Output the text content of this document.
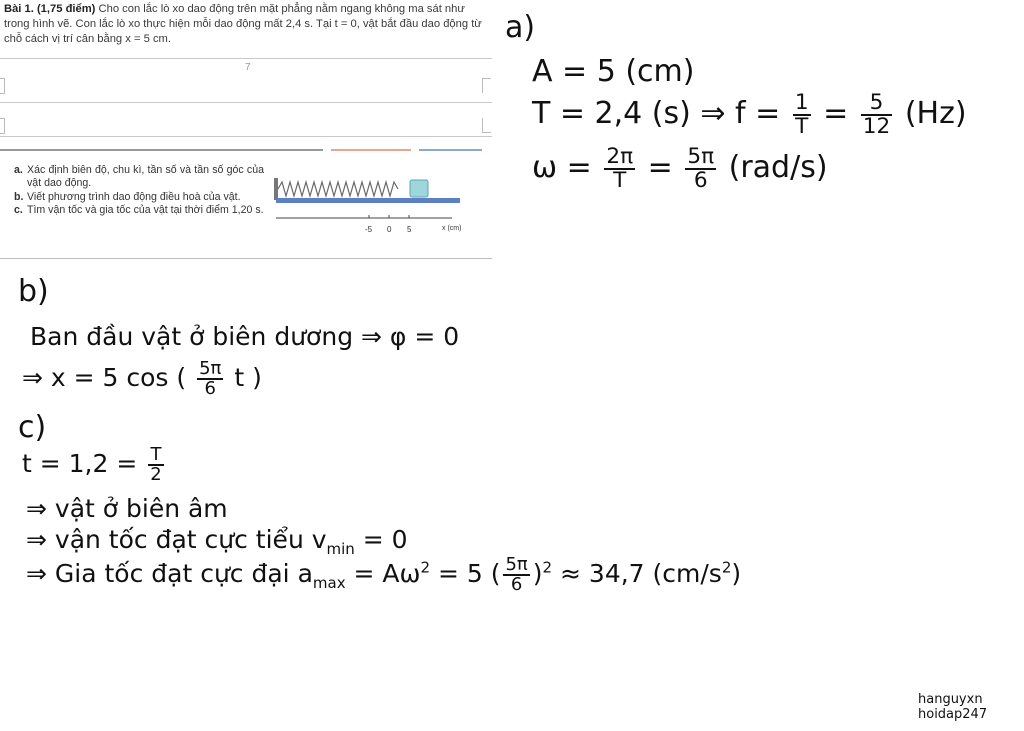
Bài 1. (1,75 điểm) Cho con lắc lò xo dao động trên mặt phẳng nằm ngang không ma sát như trong hình vẽ. Con lắc lò xo thực hiện mỗi dao động mất 2,4 s. Tại t = 0, vật bắt đầu dao động từ chỗ cách vị trí cân bằng x = 5 cm.
7
a. Xác định biên độ, chu kì, tần số và tần số góc của vật dao động.
b. Viết phương trình dao động điều hoà của vật.
c. Tìm vận tốc và gia tốc của vật tại thời điểm 1,20 s.
-5 0 5	x (cm)
a)
A = 5 (cm)
T = 2,4 (s) ⇒ $f = \frac{1}{T} = \frac{5}{12} (Hz)$
$\omega = \frac{2\pi}{T} = \frac{5\pi}{6} (rad/s)$
b)
Ban đầu vật ở biên dương ⇒ φ = 0
⇒ x = 5 cos ( $\frac{5\pi}{6}$ t )
c)
$t = 1,2 = \frac{T}{2}$
⇒ vật ở biên âm
⇒ vận tốc đạt cực tiểu $v_{min} = 0$
⇒ Gia tốc đạt cực đại $a_{max} = A\omega^2 = 5$ ( $\frac{5\pi}{6} )^2 \approx 34,7$ $(cm/s^2)$
hanguyxn
hoidap247
